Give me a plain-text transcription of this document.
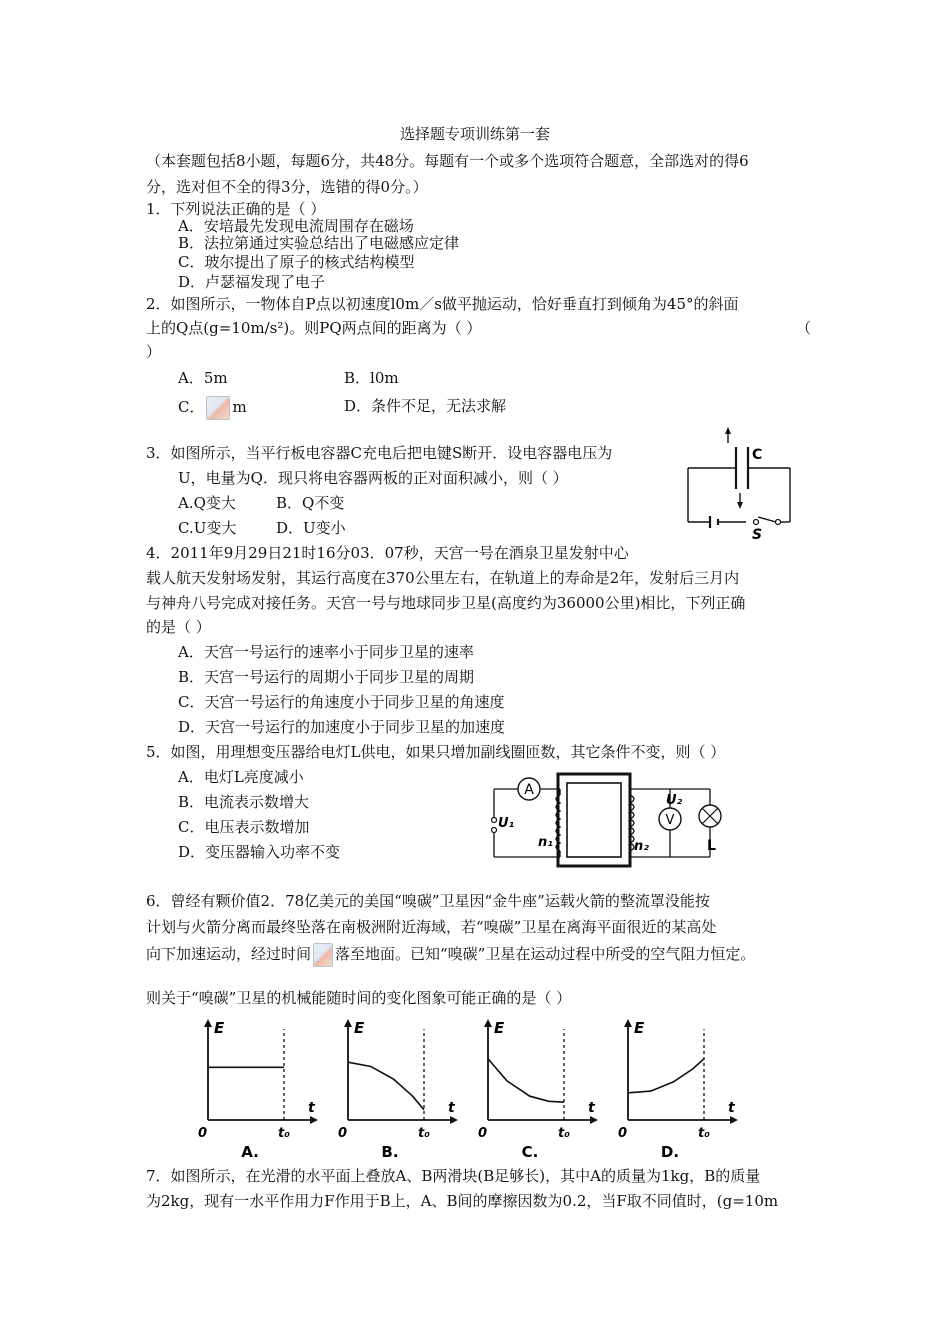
选择题专项训练第一套
（本套题包括8小题，每题6分，共48分。每题有一个或多个选项符合题意，全部选对的得6
分，选对但不全的得3分，选错的得0分。）
1．下列说法正确的是（ ）
A．安培最先发现电流周围存在磁场
B．法拉第通过实验总结出了电磁感应定律
C．玻尔提出了原子的核式结构模型
D．卢瑟福发现了电子
2．如图所示，一物体自P点以初速度l0m／s做平抛运动，恰好垂直打到倾角为45°的斜面
上的Q点(g=10m/s²)。则PQ两点间的距离为（ ）	（
）
A．5m	B．l0m
C． m	D．条件不足，无法求解
3．如图所示，当平行板电容器C充电后把电键S断开．设电容器电压为
U，电量为Q．现只将电容器两板的正对面积减小，则（ ）
A.Q变大	B．Q不变
C.U变大	D．U变小
C
S
4．2011年9月29日21时16分03．07秒，天宫一号在酒泉卫星发射中心
载人航天发射场发射，其运行高度在370公里左右，在轨道上的寿命是2年，发射后三月内
与神舟八号完成对接任务。天宫一号与地球同步卫星(高度约为36000公里)相比，下列正确
的是（ ）
A．天宫一号运行的速率小于同步卫星的速率
B．天宫一号运行的周期小于同步卫星的周期
C．天宫一号运行的角速度小于同步卫星的角速度
D．天宫一号运行的加速度小于同步卫星的加速度
5．如图，用理想变压器给电灯L供电，如果只增加副线圈匝数，其它条件不变，则（ ）
A．电灯L亮度减小
B．电流表示数增大
C．电压表示数增加
D．变压器输入功率不变
A
V
U₁
U₂
n₁	n₂	L
6．曾经有颗价值2．78亿美元的美国“嗅碳”卫星因“金牛座”运载火箭的整流罩没能按
计划与火箭分离而最终坠落在南极洲附近海域，若“嗅碳”卫星在离海平面很近的某高处
向下加速运动，经过时间 落至地面。已知“嗅碳”卫星在运动过程中所受的空气阻力恒定。
则关于“嗅碳”卫星的机械能随时间的变化图象可能正确的是（ ）
E
t
0	t₀
A.
E
t
0	t₀
B.
E
t
0	t₀
C.
E
t
0	t₀
D.
7．如图所示，在光滑的水平面上叠放A、B两滑块(B足够长)，其中A的质量为1kg，B的质量
为2kg，现有一水平作用力F作用于B上，A、B间的摩擦因数为0.2，当F取不同值时，(g=10m
